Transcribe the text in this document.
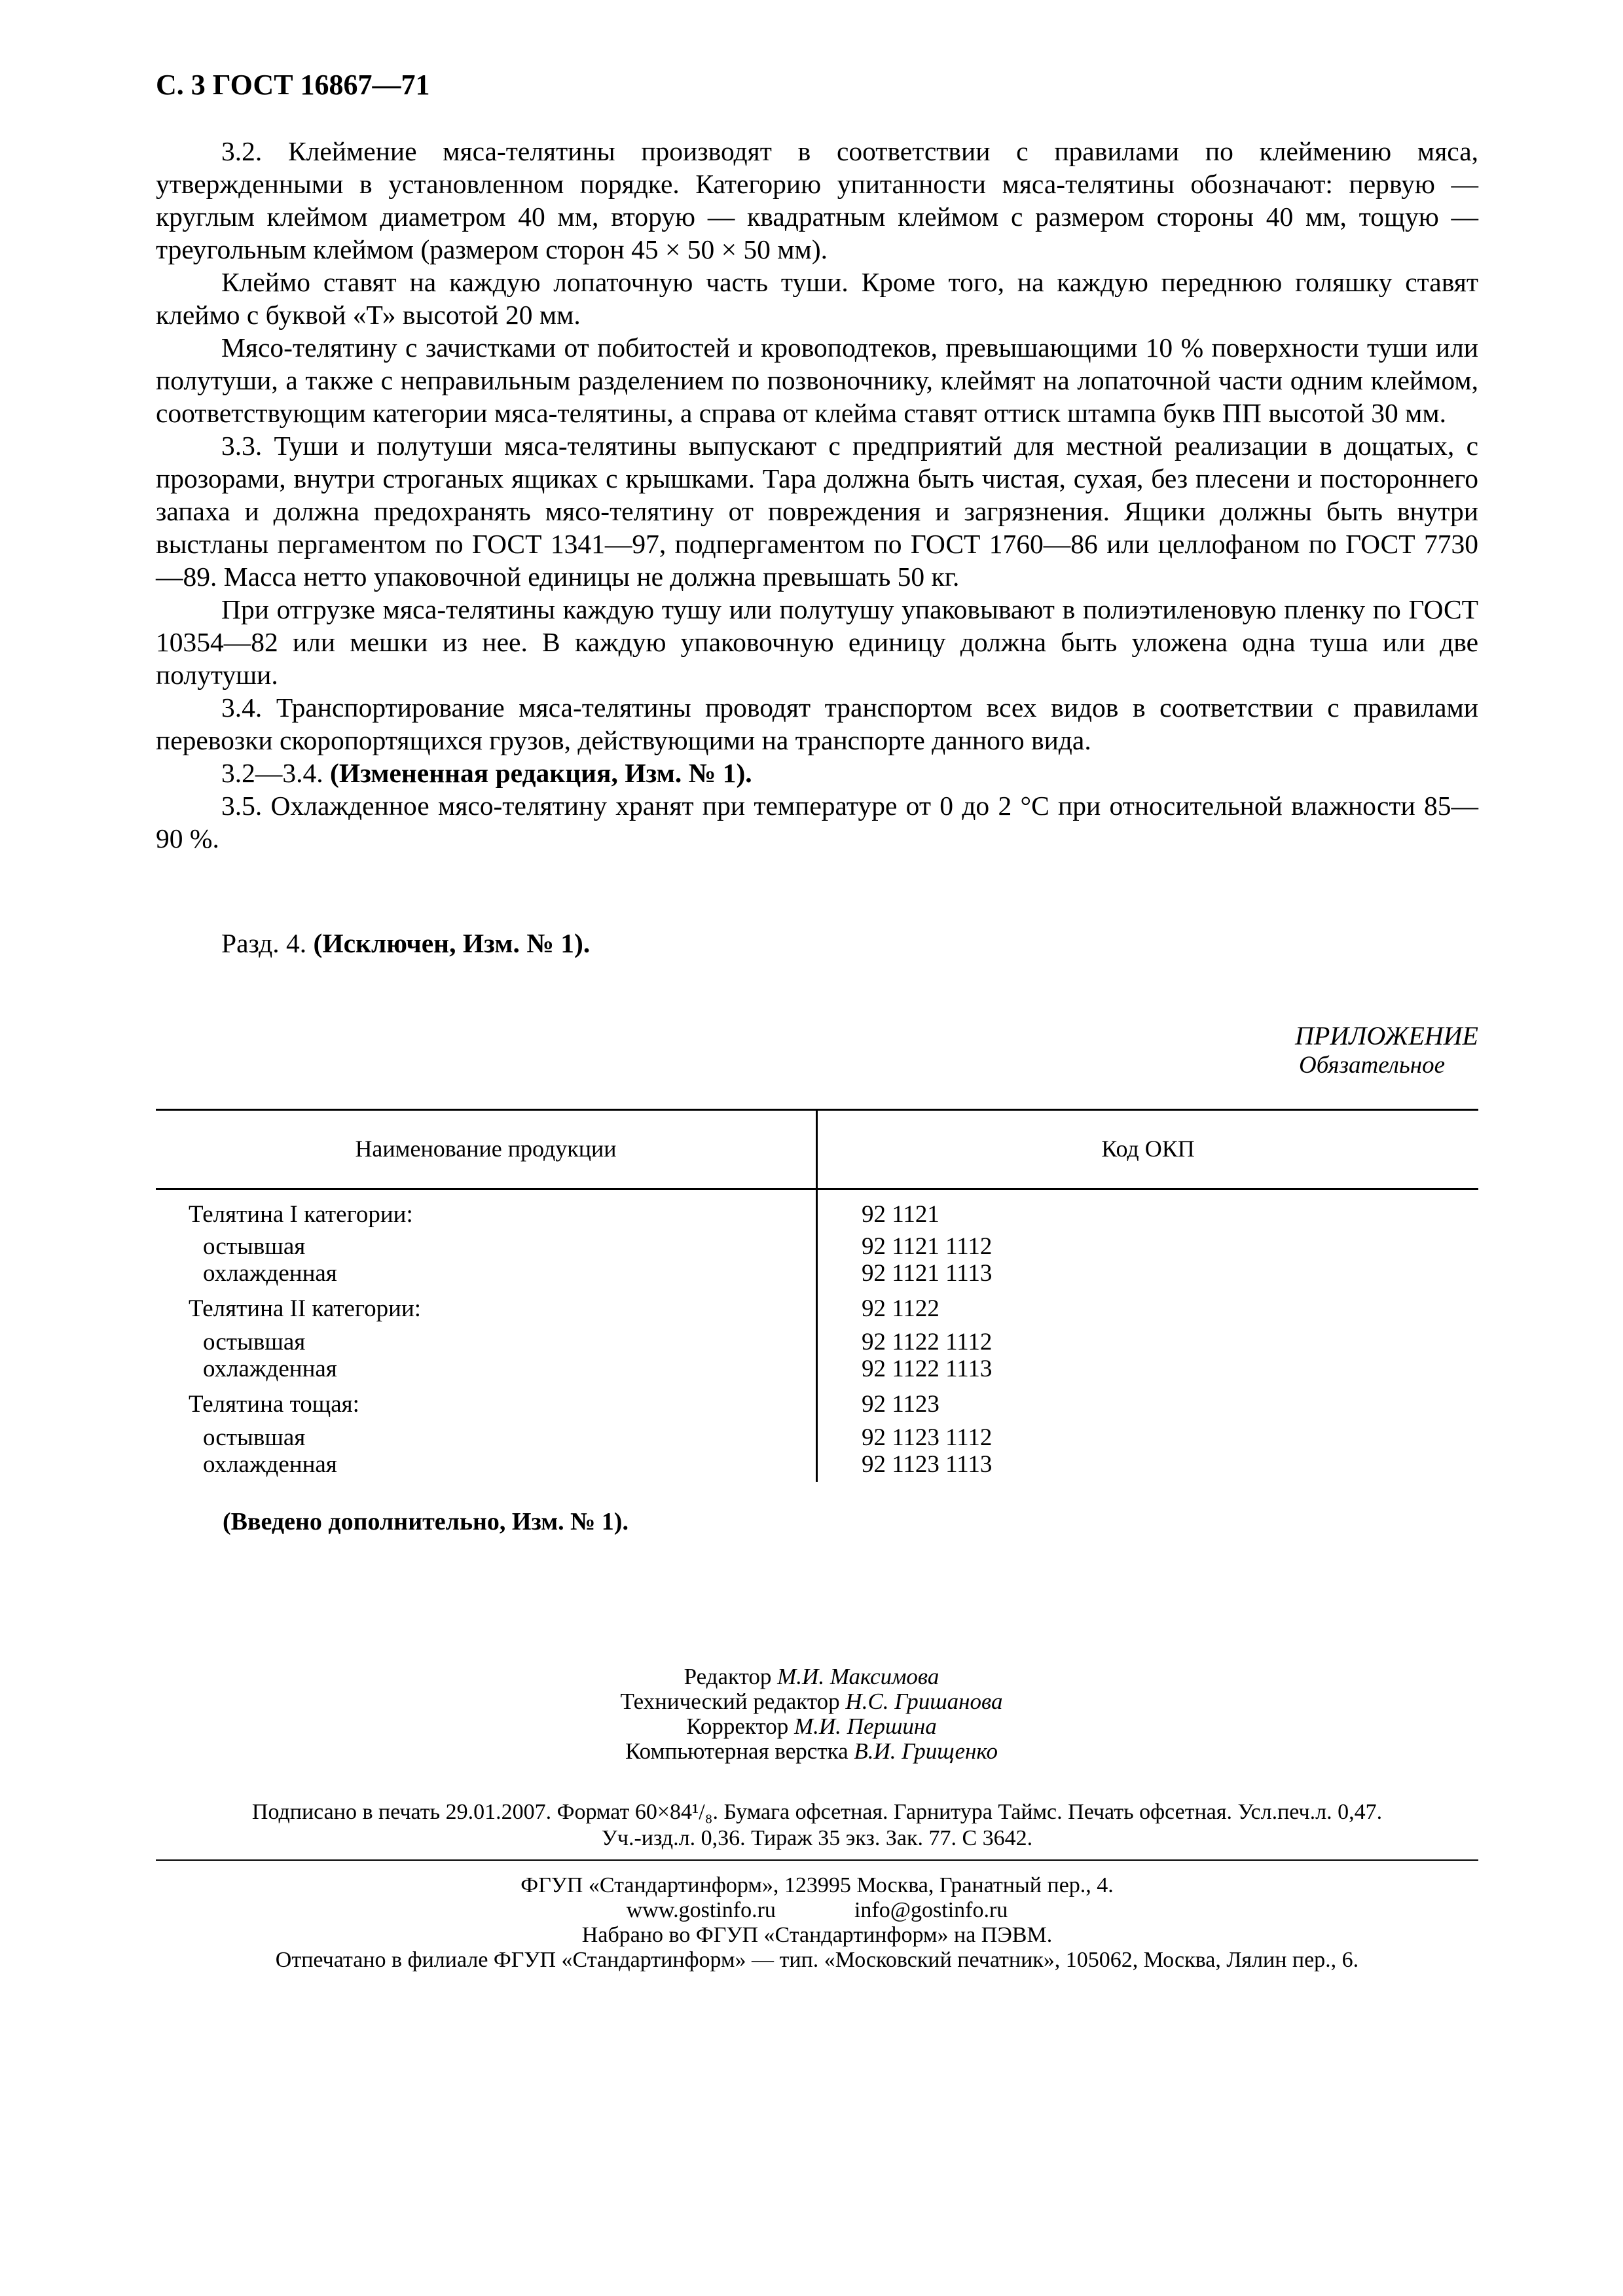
С. 3 ГОСТ 16867—71

3.2. Клеймение мяса-телятины производят в соответствии с правилами по клеймению мяса, утвержденными в установленном порядке. Категорию упитанности мяса-телятины обозначают: первую — круглым клеймом диаметром 40 мм, вторую — квадратным клеймом с размером стороны 40 мм, тощую — треугольным клеймом (размером сторон 45 × 50 × 50 мм).

Клеймо ставят на каждую лопаточную часть туши. Кроме того, на каждую переднюю голяшку ставят клеймо с буквой «Т» высотой 20 мм.

Мясо-телятину с зачистками от побитостей и кровоподтеков, превышающими 10 % поверхности туши или полутуши, а также с неправильным разделением по позвоночнику, клеймят на лопаточной части одним клеймом, соответствующим категории мяса-телятины, а справа от клейма ставят оттиск штампа букв ПП высотой 30 мм.

3.3. Туши и полутуши мяса-телятины выпускают с предприятий для местной реализации в дощатых, с прозорами, внутри строганых ящиках с крышками. Тара должна быть чистая, сухая, без плесени и постороннего запаха и должна предохранять мясо-телятину от повреждения и загрязнения. Ящики должны быть внутри выстланы пергаментом по ГОСТ 1341—97, подпергаментом по ГОСТ 1760—86 или целлофаном по ГОСТ 7730—89. Масса нетто упаковочной единицы не должна превышать 50 кг.

При отгрузке мяса-телятины каждую тушу или полутушу упаковывают в полиэтиленовую пленку по ГОСТ 10354—82 или мешки из нее. В каждую упаковочную единицу должна быть уложена одна туша или две полутуши.

3.4. Транспортирование мяса-телятины проводят транспортом всех видов в соответствии с правилами перевозки скоропортящихся грузов, действующими на транспорте данного вида.

3.2—3.4. (Измененная редакция, Изм. № 1).

3.5. Охлажденное мясо-телятину хранят при температуре от 0 до 2 °С при относительной влажности 85—90 %.

Разд. 4. (Исключен, Изм. № 1).
ПРИЛОЖЕНИЕ
Обязательное
Наименование продукции	Код ОКП
Телятина I категории:	92 1121
остывшая	92 1121 1112
охлажденная	92 1121 1113
Телятина II категории:	92 1122
остывшая	92 1122 1112
охлажденная	92 1122 1113
Телятина тощая:	92 1123
остывшая	92 1123 1112
охлажденная	92 1123 1113
(Введено дополнительно, Изм. № 1).
Редактор М.И. Максимова
Технический редактор Н.С. Гришанова
Корректор М.И. Першина
Компьютерная верстка В.И. Грищенко
Подписано в печать 29.01.2007. Формат 60×84¹/₈. Бумага офсетная. Гарнитура Таймс. Печать офсетная. Усл.печ.л. 0,47.
Уч.-изд.л. 0,36. Тираж 35 экз. Зак. 77. С 3642.
ФГУП «Стандартинформ», 123995 Москва, Гранатный пер., 4.
www.gostinfo.ru	info@gostinfo.ru
Набрано во ФГУП «Стандартинформ» на ПЭВМ.
Отпечатано в филиале ФГУП «Стандартинформ» — тип. «Московский печатник», 105062, Москва, Лялин пер., 6.
